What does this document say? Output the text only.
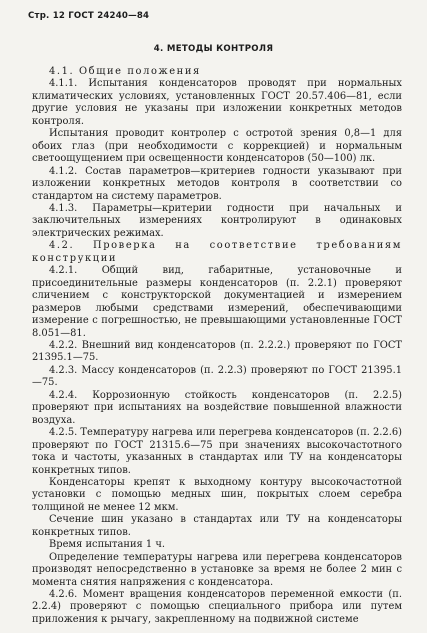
Стр. 12 ГОСТ 24240—84
4. МЕТОДЫ КОНТРОЛЯ

4.1. Общие положения

4.1.1. Испытания конденсаторов проводят при нормальных климатических условиях, установленных ГОСТ 20.57.406—81, если другие условия не указаны при изложении конкретных методов контроля.

Испытания проводит контролер с остротой зрения 0,8—1 для обоих глаз (при необходимости с коррекцией) и нормальным светоощущением при освещенности конденсаторов (50—100) лк.

4.1.2. Состав параметров—критериев годности указывают при изложении конкретных методов контроля в соответствии со стандартом на систему параметров.

4.1.3. Параметры—критерии годности при начальных и заключительных измерениях контролируют в одинаковых электрических режимах.

4.2. Проверка на соответствие требованиям конструкции

4.2.1. Общий вид, габаритные, установочные и присоединительные размеры конденсаторов (п. 2.2.1) проверяют сличением с конструкторской документацией и измерением размеров любыми средствами измерений, обеспечивающими измерение с погрешностью, не превышающими установленные ГОСТ 8.051—81.

4.2.2. Внешний вид конденсаторов (п. 2.2.2.) проверяют по ГОСТ 21395.1—75.

4.2.3. Массу конденсаторов (п. 2.2.3) проверяют по ГОСТ 21395.1—75.

4.2.4. Коррозионную стойкость конденсаторов (п. 2.2.5) проверяют при испытаниях на воздействие повышенной влажности воздуха.

4.2.5. Температуру нагрева или перегрева конденсаторов (п. 2.2.6) проверяют по ГОСТ 21315.6—75 при значениях высокочастотного тока и частоты, указанных в стандартах или ТУ на конденсаторы конкретных типов.

Конденсаторы крепят к выходному контуру высокочастотной установки с помощью медных шин, покрытых слоем серебра толщиной не менее 12 мкм.

Сечение шин указано в стандартах или ТУ на конденсаторы конкретных типов.

Время испытания 1 ч.

Определение температуры нагрева или перегрева конденсаторов производят непосредственно в установке за время не более 2 мин с момента снятия напряжения с конденсатора.

4.2.6. Момент вращения конденсаторов переменной емкости (п. 2.2.4) проверяют с помощью специального прибора или путем приложения к рычагу, закрепленному на подвижной системе
